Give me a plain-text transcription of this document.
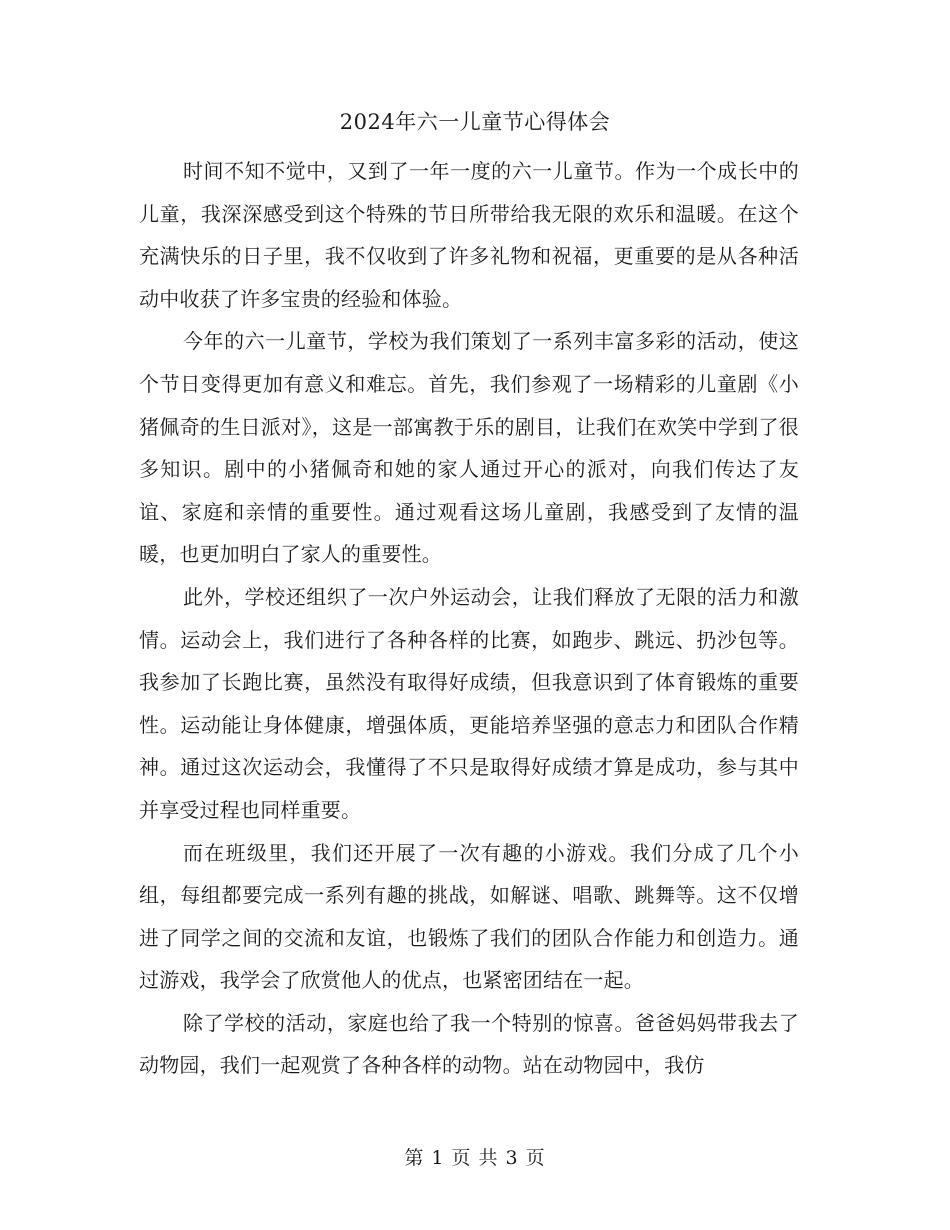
2024年六一儿童节心得体会

时间不知不觉中，又到了一年一度的六一儿童节。作为一个成长中的儿童，我深深感受到这个特殊的节日所带给我无限的欢乐和温暖。在这个充满快乐的日子里，我不仅收到了许多礼物和祝福，更重要的是从各种活动中收获了许多宝贵的经验和体验。

今年的六一儿童节，学校为我们策划了一系列丰富多彩的活动，使这个节日变得更加有意义和难忘。首先，我们参观了一场精彩的儿童剧《小猪佩奇的生日派对》，这是一部寓教于乐的剧目，让我们在欢笑中学到了很多知识。剧中的小猪佩奇和她的家人通过开心的派对，向我们传达了友谊、家庭和亲情的重要性。通过观看这场儿童剧，我感受到了友情的温暖，也更加明白了家人的重要性。

此外，学校还组织了一次户外运动会，让我们释放了无限的活力和激情。运动会上，我们进行了各种各样的比赛，如跑步、跳远、扔沙包等。我参加了长跑比赛，虽然没有取得好成绩，但我意识到了体育锻炼的重要性。运动能让身体健康，增强体质，更能培养坚强的意志力和团队合作精神。通过这次运动会，我懂得了不只是取得好成绩才算是成功，参与其中并享受过程也同样重要。

而在班级里，我们还开展了一次有趣的小游戏。我们分成了几个小组，每组都要完成一系列有趣的挑战，如解谜、唱歌、跳舞等。这不仅增进了同学之间的交流和友谊，也锻炼了我们的团队合作能力和创造力。通过游戏，我学会了欣赏他人的优点，也紧密团结在一起。

除了学校的活动，家庭也给了我一个特别的惊喜。爸爸妈妈带我去了动物园，我们一起观赏了各种各样的动物。站在动物园中，我仿

第 1 页 共 3 页
